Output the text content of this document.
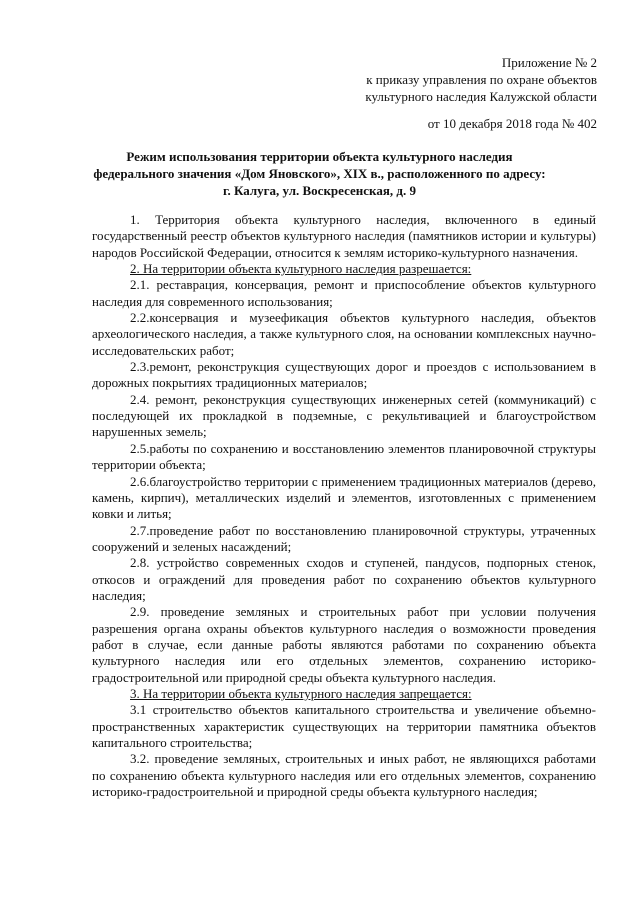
Приложение № 2
к приказу управления по охране объектов
культурного наследия Калужской области
от 10 декабря 2018 года № 402
Режим использования территории объекта культурного наследия
федерального значения «Дом Яновского», XIX в., расположенного по адресу:
г. Калуга, ул. Воскресенская, д. 9

1. Территория объекта культурного наследия, включенного в единый государственный реестр объектов культурного наследия (памятников истории и культуры) народов Российской Федерации, относится к землям историко-культурного назначения.

2. На территории объекта культурного наследия разрешается:

2.1. реставрация, консервация, ремонт и приспособление объектов культурного наследия для современного использования;

2.2.консервация и музеефикация объектов культурного наследия, объектов археологического наследия, а также культурного слоя, на основании комплексных научно-исследовательских работ;

2.3.ремонт, реконструкция существующих дорог и проездов с использованием в дорожных покрытиях традиционных материалов;

2.4. ремонт, реконструкция существующих инженерных сетей (коммуникаций) с последующей их прокладкой в подземные, с рекультивацией и благоустройством нарушенных земель;

2.5.работы по сохранению и восстановлению элементов планировочной структуры территории объекта;

2.6.благоустройство территории с применением традиционных материалов (дерево, камень, кирпич), металлических изделий и элементов, изготовленных с применением ковки и литья;

2.7.проведение работ по восстановлению планировочной структуры, утраченных сооружений и зеленых насаждений;

2.8. устройство современных сходов и ступеней, пандусов, подпорных стенок, откосов и ограждений для проведения работ по сохранению объектов культурного наследия;

2.9. проведение земляных и строительных работ при условии получения разрешения органа охраны объектов культурного наследия о возможности проведения работ в случае, если данные работы являются работами по сохранению объекта культурного наследия или его отдельных элементов, сохранению историко-градостроительной или природной среды объекта культурного наследия.

3. На территории объекта культурного наследия запрещается:

3.1 строительство объектов капитального строительства и увеличение объемно-пространственных характеристик существующих на территории памятника объектов капитального строительства;

3.2. проведение земляных, строительных и иных работ, не являющихся работами по сохранению объекта культурного наследия или его отдельных элементов, сохранению историко-градостроительной и природной среды объекта культурного наследия;
